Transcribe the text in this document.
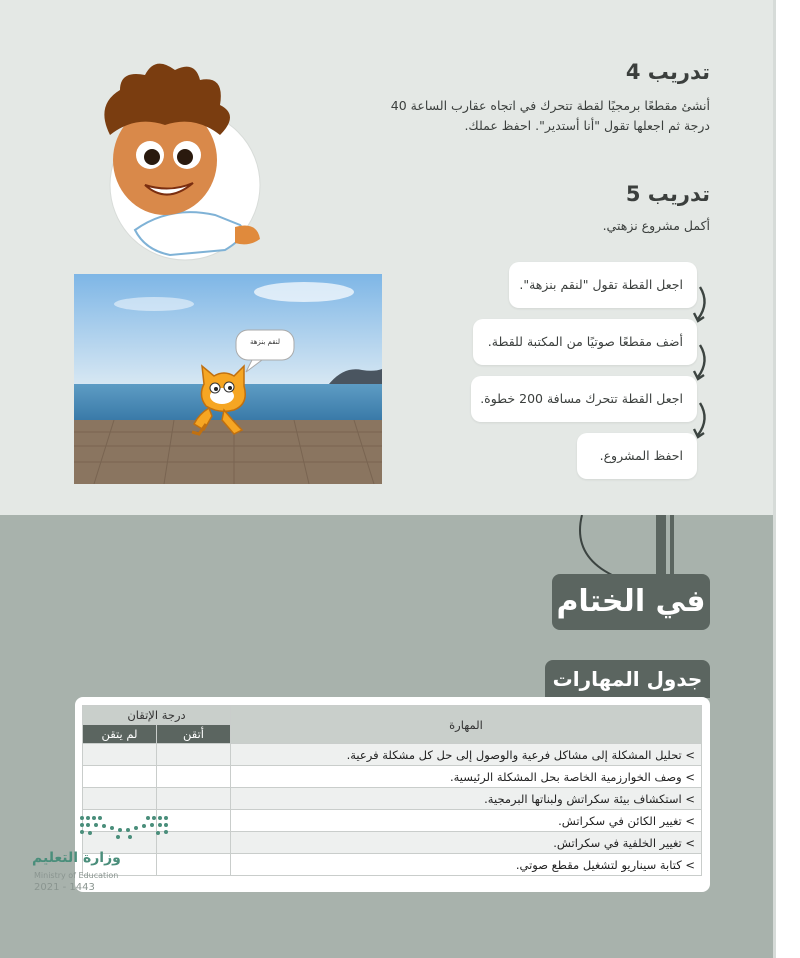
تدريب 4
أنشئ مقطعًا برمجيًا لقطة تتحرك في اتجاه عقارب الساعة 40 درجة ثم اجعلها تقول "أنا أستدير". احفظ عملك.
تدريب 5
أكمل مشروع نزهتي.
لنقم بنزهة
اجعل القطة تقول "لنقم بنزهة".
أضف مقطعًا صوتيًا من المكتبة للقطة.
اجعل القطة تتحرك مسافة 200 خطوة.
احفظ المشروع.
في الختام
جدول المهارات
درجة الإتقان		المهارة
لم يتقن	أتقن	
		> تحليل المشكلة إلى مشاكل فرعية والوصول إلى حل كل مشكلة فرعية.
		> وصف الخوارزمية الخاصة بحل المشكلة الرئيسية.
		> استكشاف بيئة سكراتش ولبناتها البرمجية.
		> تغيير الكائن في سكراتش.
		> تغيير الخلفية في سكراتش.
		> كتابة سيناريو لتشغيل مقطع صوتي.
وزارة التعليم
Ministry of Education
2021 - 1443
